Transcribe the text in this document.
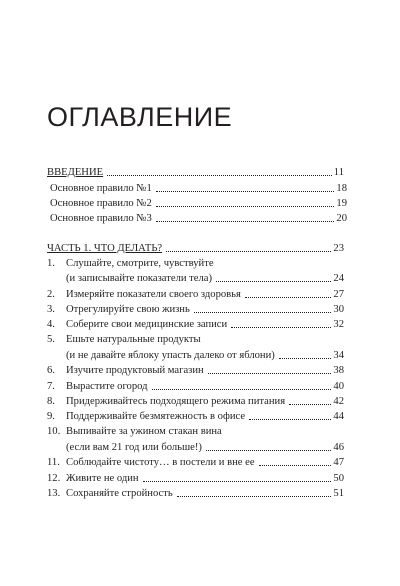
ОГЛАВЛЕНИЕ
ВВЕДЕНИЕ	11
Основное правило №1	18
Основное правило №2	19
Основное правило №3	20
ЧАСТЬ 1. ЧТО ДЕЛАТЬ?	23
1.	Слушайте, смотрите, чувствуйте
(и записывайте показатели тела)	24
2.	Измеряйте показатели своего здоровья	27
3.	Отрегулируйте свою жизнь	30
4.	Соберите свои медицинские записи	32
5.	Ешьте натуральные продукты
(и не давайте яблоку упасть далеко от яблони)	34
6.	Изучите продуктовый магазин	38
7.	Вырастите огород	40
8.	Придерживайтесь подходящего режима питания	42
9.	Поддерживайте безмятежность в офисе	44
10. Выпивайте за ужином стакан вина
(если вам 21 год или больше!)	46
11. Соблюдайте чистоту… в постели и вне ее	47
12. Живите не один	50
13. Сохраняйте стройность	51
